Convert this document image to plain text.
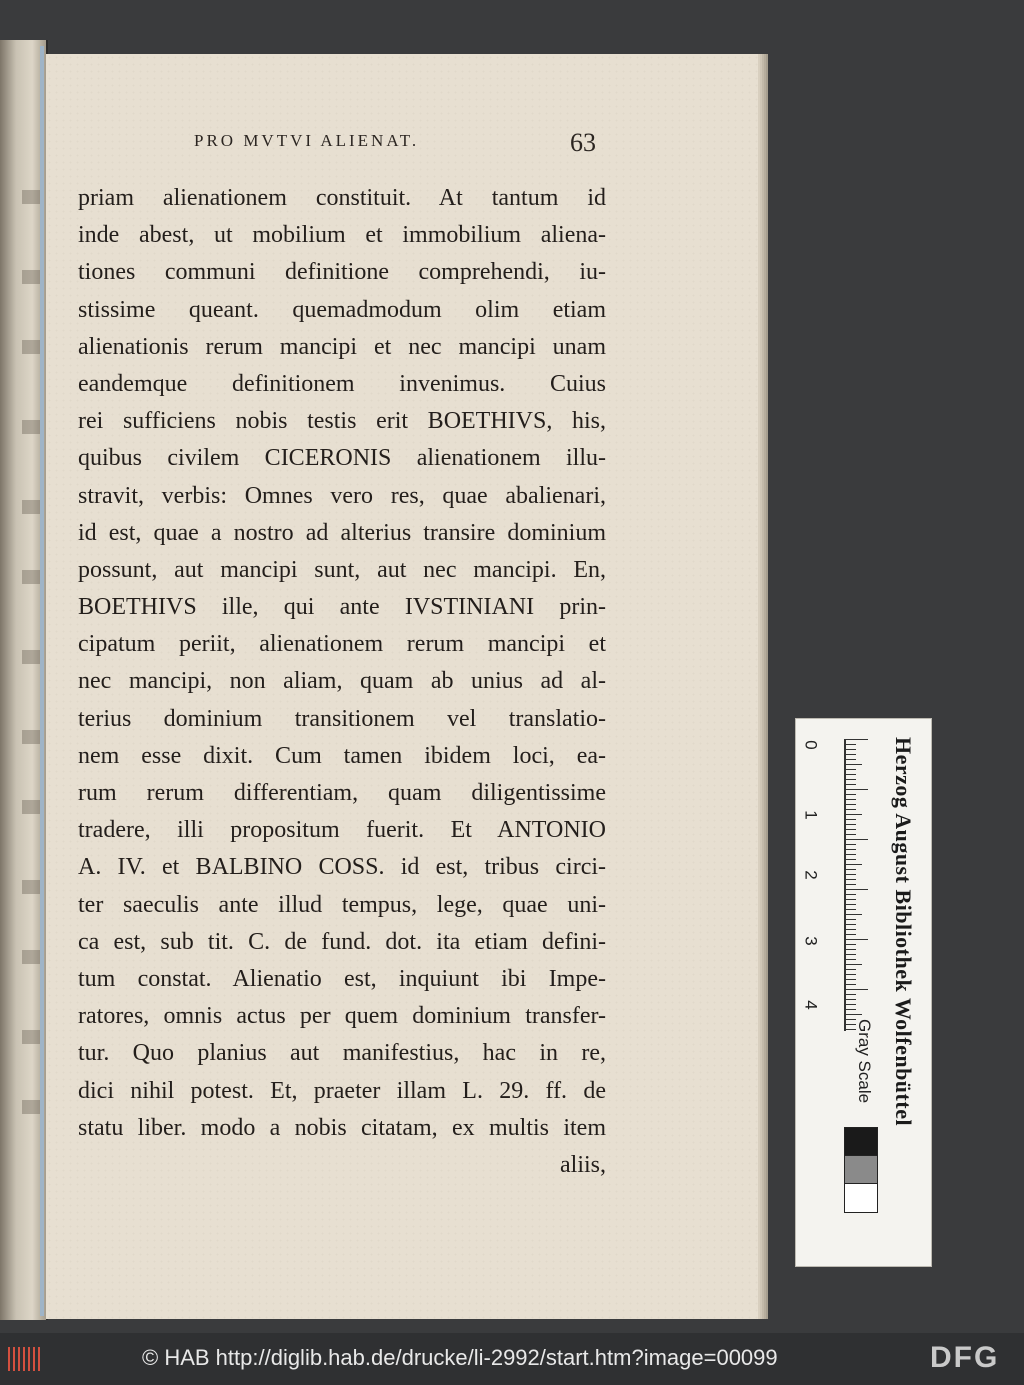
PRO MVTVI ALIENAT.	63
priam alienationem constituit. At tantum id
inde abest, ut mobilium et immobilium aliena-
tiones communi definitione comprehendi, iu-
stissime queant. quemadmodum olim etiam
alienationis rerum mancipi et nec mancipi unam
eandemque definitionem invenimus. Cuius
rei sufficiens nobis testis erit BOETHIVS, his,
quibus civilem CICERONIS alienationem illu-
stravit, verbis: Omnes vero res, quae abalienari,
id est, quae a nostro ad alterius transire dominium
possunt, aut mancipi sunt, aut nec mancipi. En,
BOETHIVS ille, qui ante IVSTINIANI prin-
cipatum periit, alienationem rerum mancipi et
nec mancipi, non aliam, quam ab unius ad al-
terius dominium transitionem vel translatio-
nem esse dixit. Cum tamen ibidem loci, ea-
rum rerum differentiam, quam diligentissime
tradere, illi propositum fuerit. Et ANTONIO
A. IV. et BALBINO COSS. id est, tribus circi-
ter saeculis ante illud tempus, lege, quae uni-
ca est, sub tit. C. de fund. dot. ita etiam defini-
tum constat. Alienatio est, inquiunt ibi Impe-
ratores, omnis actus per quem dominium transfer-
tur. Quo planius aut manifestius, hac in re,
dici nihil potest. Et, praeter illam L. 29. ff. de
statu liber. modo a nobis citatam, ex multis item
aliis,
0
1
2
3
4	Herzog August Bibliothek Wolfenbüttel
Gray Scale
© HAB http://diglib.hab.de/drucke/li-2992/start.htm?image=00099	DFG
